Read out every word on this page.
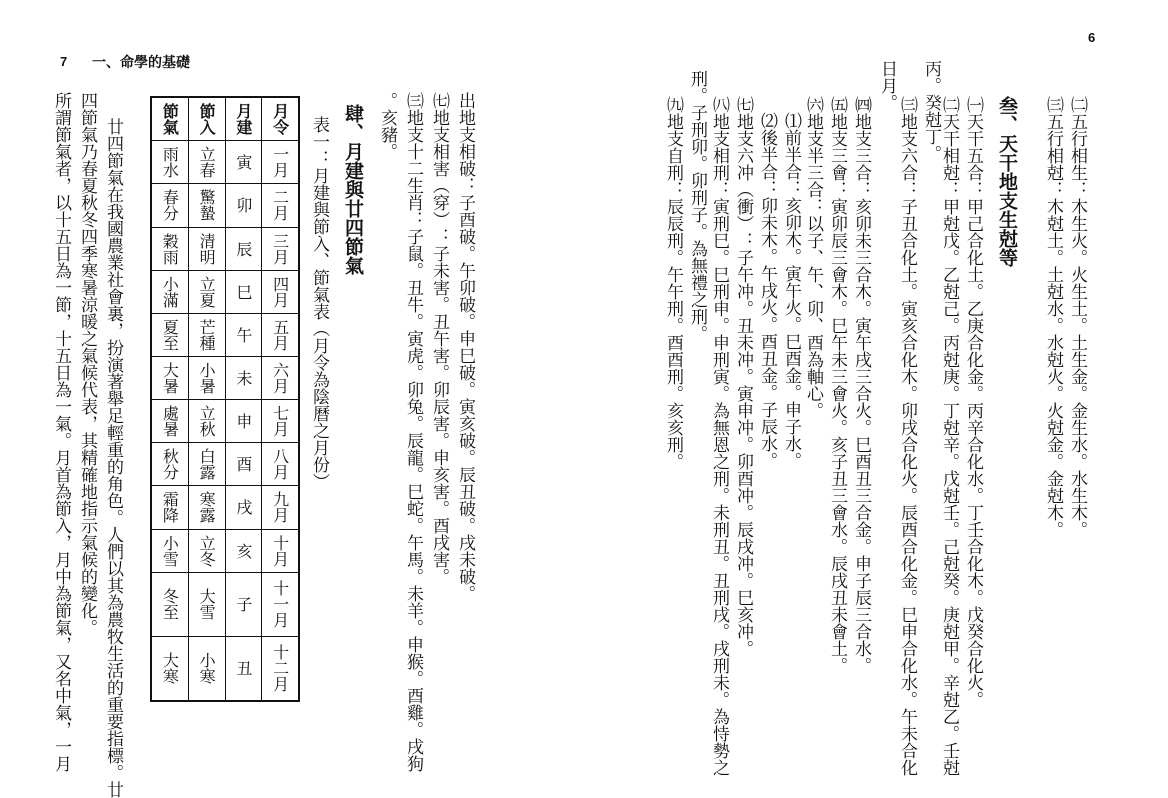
7 一、命學的基礎
出地支相破：子酉破。午卯破。申巳破。寅亥破。辰丑破。戌未破。
㈦地支相害（穿）：子未害。丑午害。卯辰害。申亥害。酉戌害。
㈢地支十二生肖：子鼠。丑牛。寅虎。卯兔。辰龍。巳蛇。午馬。未羊。申猴。酉雞。戌狗
。亥豬。
肆、月建與廿四節氣
表一：月建與節入、節氣表（月令為陰曆之月份）
節氣	節入	月建	月令
雨水	立春	寅	一月
春分	驚蟄	卯	二月
穀雨	清明	辰	三月
小滿	立夏	巳	四月
夏至	芒種	午	五月
大暑	小暑	未	六月
處暑	立秋	申	七月
秋分	白露	酉	八月
霜降	寒露	戌	九月
小雪	立冬	亥	十月
冬至	大雪	子	十一月
大寒	小寒	丑	十二月
廿四節氣在我國農業社會裏，扮演著舉足輕重的角色。人們以其為農牧生活的重要指標。廿
四節氣乃春夏秋冬四季寒暑涼暖之氣候代表，其精確地指示氣候的變化。
所謂節氣者，以十五日為一節，十五日為一氣。月首為節入，月中為節氣，又名中氣，一月
6
㈡五行相生：木生火。火生土。土生金。金生水。水生木。
㈢五行相尅：木尅土。土尅水。水尅火。火尅金。金尅木。
叁、天干地支生尅等
㈠天干五合：甲己合化土。乙庚合化金。丙辛合化水。丁壬合化木。戊癸合化火。
㈡天干相尅：甲尅戊。乙尅己。丙尅庚。丁尅辛。戊尅壬。己尅癸。庚尅甲。辛尅乙。壬尅
丙。癸尅丁。
㈢地支六合：子丑合化土。寅亥合化木。卯戌合化火。辰酉合化金。巳申合化水。午未合化
日月。
㈣地支三合：亥卯未三合木。寅午戌三合火。巳酉丑三合金。申子辰三合水。
㈤地支三會：寅卯辰三會木。巳午未三會火。亥子丑三會水。辰戌丑未會土。
㈥地支半三合：以子、午、卯、酉為軸心。
⑴前半合：亥卯木。寅午火。巳酉金。申子水。
⑵後半合：卯未木。午戌火。酉丑金。子辰水。
㈦地支六冲（衝）：子午冲。丑未冲。寅申冲。卯酉冲。辰戌冲。巳亥冲。
㈧地支相刑：寅刑巳。巳刑申。申刑寅。為無恩之刑。未刑丑。丑刑戌。戌刑未。為恃勢之
刑。子刑卯。卯刑子。為無禮之刑。
㈨地支自刑：辰辰刑。午午刑。酉酉刑。亥亥刑。
